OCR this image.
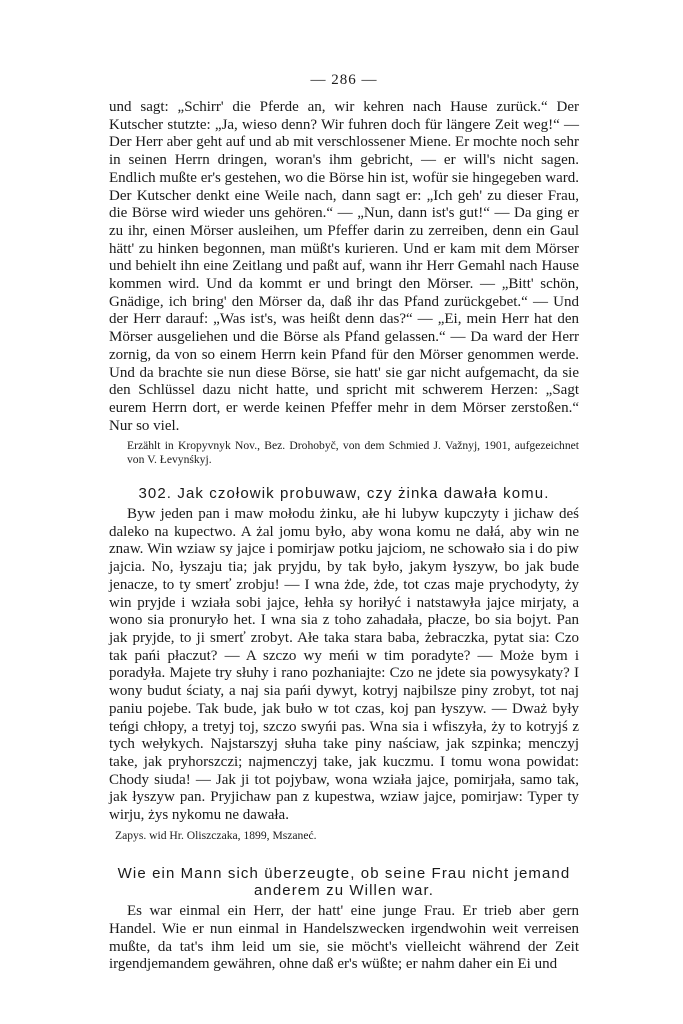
— 286 —

und sagt: „Schirr' die Pferde an, wir kehren nach Hause zurück.“ Der Kutscher stutzte: „Ja, wieso denn? Wir fuhren doch für längere Zeit weg!“ — Der Herr aber geht auf und ab mit verschlossener Miene. Er mochte noch sehr in seinen Herrn dringen, woran's ihm gebricht, — er will's nicht sagen. Endlich mußte er's gestehen, wo die Börse hin ist, wofür sie hingegeben ward. Der Kutscher denkt eine Weile nach, dann sagt er: „Ich geh' zu dieser Frau, die Börse wird wieder uns gehören.“ — „Nun, dann ist's gut!“ — Da ging er zu ihr, einen Mörser ausleihen, um Pfeffer darin zu zerreiben, denn ein Gaul hätt' zu hinken begonnen, man müßt's kurieren. Und er kam mit dem Mörser und behielt ihn eine Zeitlang und paßt auf, wann ihr Herr Gemahl nach Hause kommen wird. Und da kommt er und bringt den Mörser. — „Bitt' schön, Gnädige, ich bring' den Mörser da, daß ihr das Pfand zurückgebet.“ — Und der Herr darauf: „Was ist's, was heißt denn das?“ — „Ei, mein Herr hat den Mörser ausgeliehen und die Börse als Pfand gelassen.“ — Da ward der Herr zornig, da von so einem Herrn kein Pfand für den Mörser genommen werde. Und da brachte sie nun diese Börse, sie hatt' sie gar nicht aufgemacht, da sie den Schlüssel dazu nicht hatte, und spricht mit schwerem Herzen: „Sagt eurem Herrn dort, er werde keinen Pfeffer mehr in dem Mörser zerstoßen.“ Nur so viel.

Erzählt in Kropyvnyk Nov., Bez. Drohobyč, von dem Schmied J. Važnyj, 1901, aufgezeichnet von V. Łevynśkyj.

302. Jak czołowik probuwaw, czy żinka dawała komu.

Byw jeden pan i maw mołodu żinku, ałe hi lubyw kupczyty i jichaw deś daleko na kupectwo. A żal jomu było, aby wona komu ne dałá, aby win ne znaw. Win wziaw sy jajce i pomirjaw potku jajciom, ne schowało sia i do piw jajcia. No, łyszaju tia; jak pryjdu, by tak było, jakym łyszyw, bo jak bude jenacze, to ty smerť zrobju! — I wna żde, żde, tot czas maje prychodyty, ży win pryjde i wziała sobi jajce, łehła sy horiłyć i natstawyła jajce mirjaty, a wono sia pronuryło het. I wna sia z toho zahadała, płacze, bo sia bojyt. Pan jak pryjde, to ji smerť zrobyt. Ałe taka stara baba, żebraczka, pytat sia: Czo tak pańi płaczut? — A szczo wy meńi w tim poradyte? — Może bym i poradyła. Majete try słuhy i rano pozhaniajte: Czo ne jdete sia powysykaty? I wony budut ściaty, a naj sia pańi dywyt, kotryj najbilsze piny zrobyt, tot naj paniu pojebe. Tak bude, jak buło w tot czas, koj pan łyszyw. — Dważ były teńgi chłopy, a tretyj toj, szczo swyńi pas. Wna sia i wfiszyła, ży to kotryjś z tych wełykych. Najstarszyj słuha take piny naściaw, jak szpinka; menczyj take, jak pryhorszczi; najmenczyj take, jak kuczmu. I tomu wona powidat: Chody siuda! — Jak ji tot pojybaw, wona wziała jajce, pomirjała, samo tak, jak łyszyw pan. Pryjichaw pan z kupestwa, wziaw jajce, pomirjaw: Typer ty wirju, żys nykomu ne dawała.

Zapys. wid Hr. Oliszczaka, 1899, Mszaneć.

Wie ein Mann sich überzeugte, ob seine Frau nicht jemand anderem zu Willen war.

Es war einmal ein Herr, der hatt' eine junge Frau. Er trieb aber gern Handel. Wie er nun einmal in Handelszwecken irgendwohin weit verreisen mußte, da tat's ihm leid um sie, sie möcht's vielleicht während der Zeit irgendjemandem gewähren, ohne daß er's wüßte; er nahm daher ein Ei und
